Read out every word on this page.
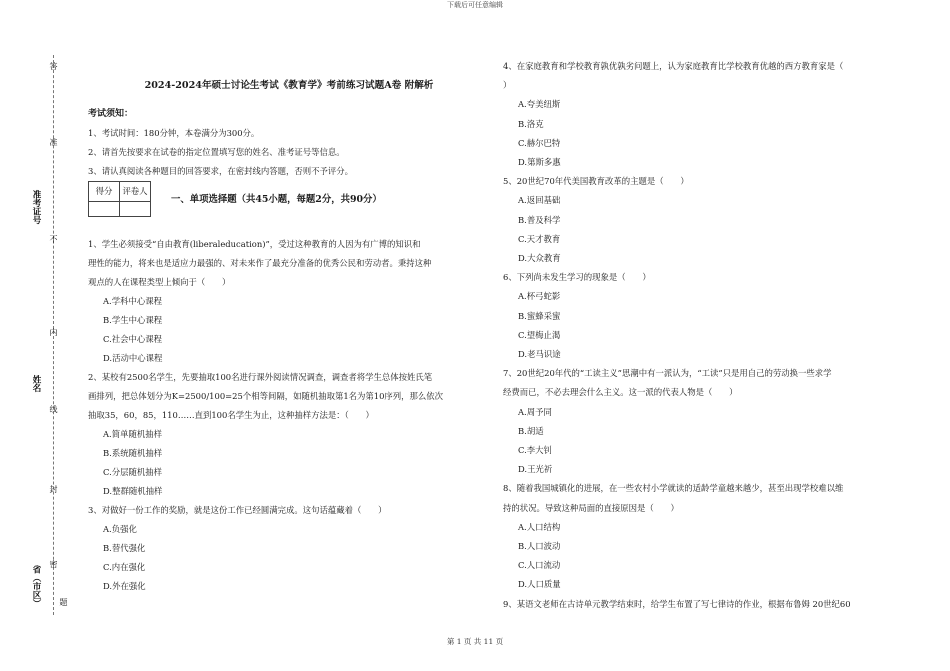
下载后可任意编辑
准考证号
姓名
省（市区）
密
封
线
内
不
准
答
题
2024-2024年硕士讨论生考试《教育学》考前练习试题A卷 附解析
考试须知：
1、考试时间：180分钟，本卷满分为300分。
2、请首先按要求在试卷的指定位置填写您的姓名、准考证号等信息。
3、请认真阅读各种题目的回答要求，在密封线内答题，否则不予评分。
得分	评卷人

一、单项选择题（共45小题，每题2分，共90分）
1、学生必须接受“自由教育(liberaleducation)”，受过这种教育的人因为有广博的知识和
理性的能力，将来也是适应力最强的、对未来作了最充分准备的优秀公民和劳动者。秉持这种
观点的人在课程类型上倾向于（　　）
A.学科中心课程
B.学生中心课程
C.社会中心课程
D.活动中心课程
2、某校有2500名学生，先要抽取100名进行课外阅读情况调查，调查者将学生总体按姓氏笔
画排列，把总体划分为K=2500/100=25个相等间隔，如随机抽取第1名为第10序列，那么依次
抽取35，60，85，110……直到100名学生为止，这种抽样方法是：（　　）
A.简单随机抽样
B.系统随机抽样
C.分层随机抽样
D.整群随机抽样
3、对做好一份工作的奖励，就是这份工作已经圆满完成。这句话蕴藏着（　　）
A.负强化
B.替代强化
C.内在强化
D.外在强化
4、在家庭教育和学校教育孰优孰劣问题上，认为家庭教育比学校教育优越的西方教育家是（
）
A.夸美纽斯
B.洛克
C.赫尔巴特
D.第斯多惠
5、20世纪70年代美国教育改革的主题是（　　）
A.返回基础
B.普及科学
C.天才教育
D.大众教育
6、下列尚未发生学习的现象是（　　）
A.杯弓蛇影
B.蜜蜂采蜜
C.望梅止渴
D.老马识途
7、20世纪20年代的“工读主义”思潮中有一派认为，“工读”只是用自己的劳动换一些求学
经费而已，不必去理会什么主义。这一派的代表人物是（　　）
A.周予同
B.胡适
C.李大钊
D.王光祈
8、随着我国城镇化的进展，在一些农村小学就读的适龄学童越来越少，甚至出现学校难以维
持的状况。导致这种局面的直接原因是（　　）
A.人口结构
B.人口波动
C.人口流动
D.人口质量
9、某语文老师在古诗单元教学结束时，给学生布置了写七律诗的作业，根据布鲁姆 20世纪60
第 1 页 共 11 页
